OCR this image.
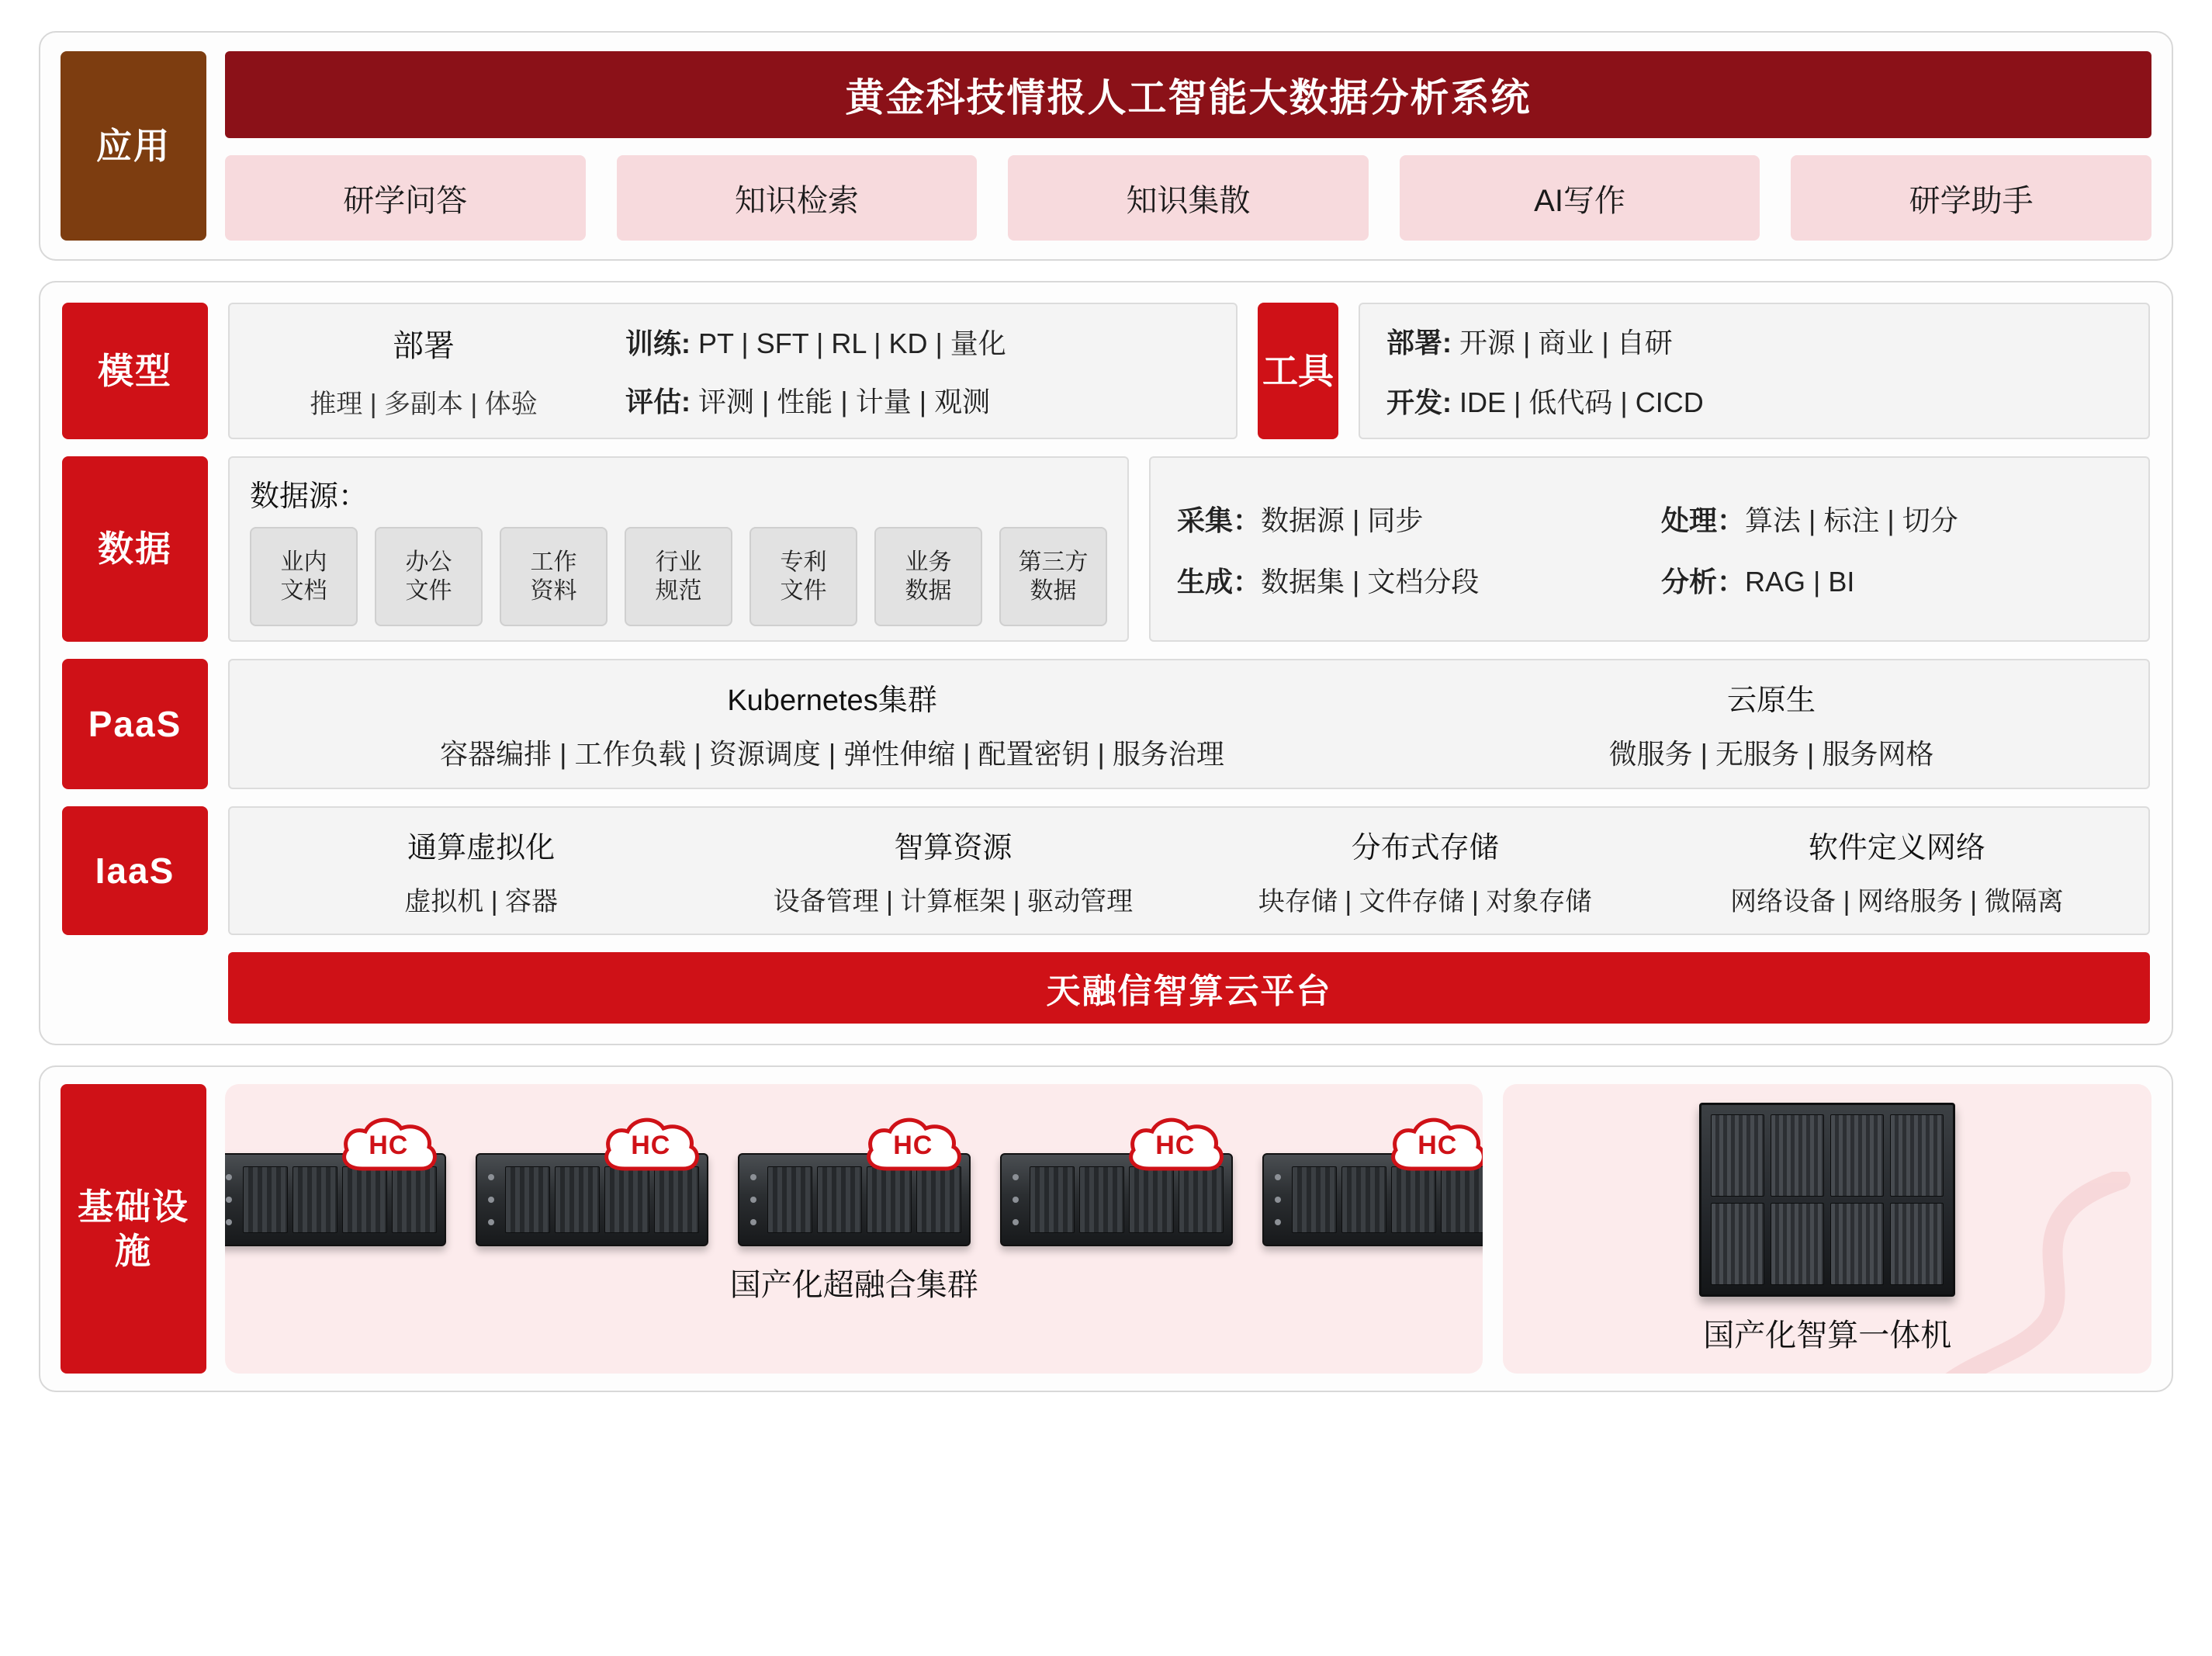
应用
黄金科技情报人工智能大数据分析系统
研学问答	知识检索	知识集散	AI写作	研学助手
模型
部署
推理 | 多副本 | 体验
训练: PT | SFT | RL | KD | 量化
评估: 评测 | 性能 | 计量 | 观测
工具
部署: 开源 | 商业 | 自研
开发: IDE | 低代码 | CICD
数据
数据源：
业内
文档
办公
文件
工作
资料
行业
规范
专利
文件
业务
数据
第三方
数据
采集：数据源 | 同步	处理：算法 | 标注 | 切分
生成：数据集 | 文档分段	分析：RAG | BI
PaaS
Kubernetes集群
容器编排 | 工作负载 | 资源调度 | 弹性伸缩 | 配置密钥 | 服务治理
云原生
微服务 | 无服务 | 服务网格
IaaS
通算虚拟化
虚拟机 | 容器
智算资源
设备管理 | 计算框架 | 驱动管理
分布式存储
块存储 | 文件存储 | 对象存储
软件定义网络
网络设备 | 网络服务 | 微隔离
天融信智算云平台
基础设施
HC	HC	HC	HC	HC
国产化超融合集群
国产化智算一体机
